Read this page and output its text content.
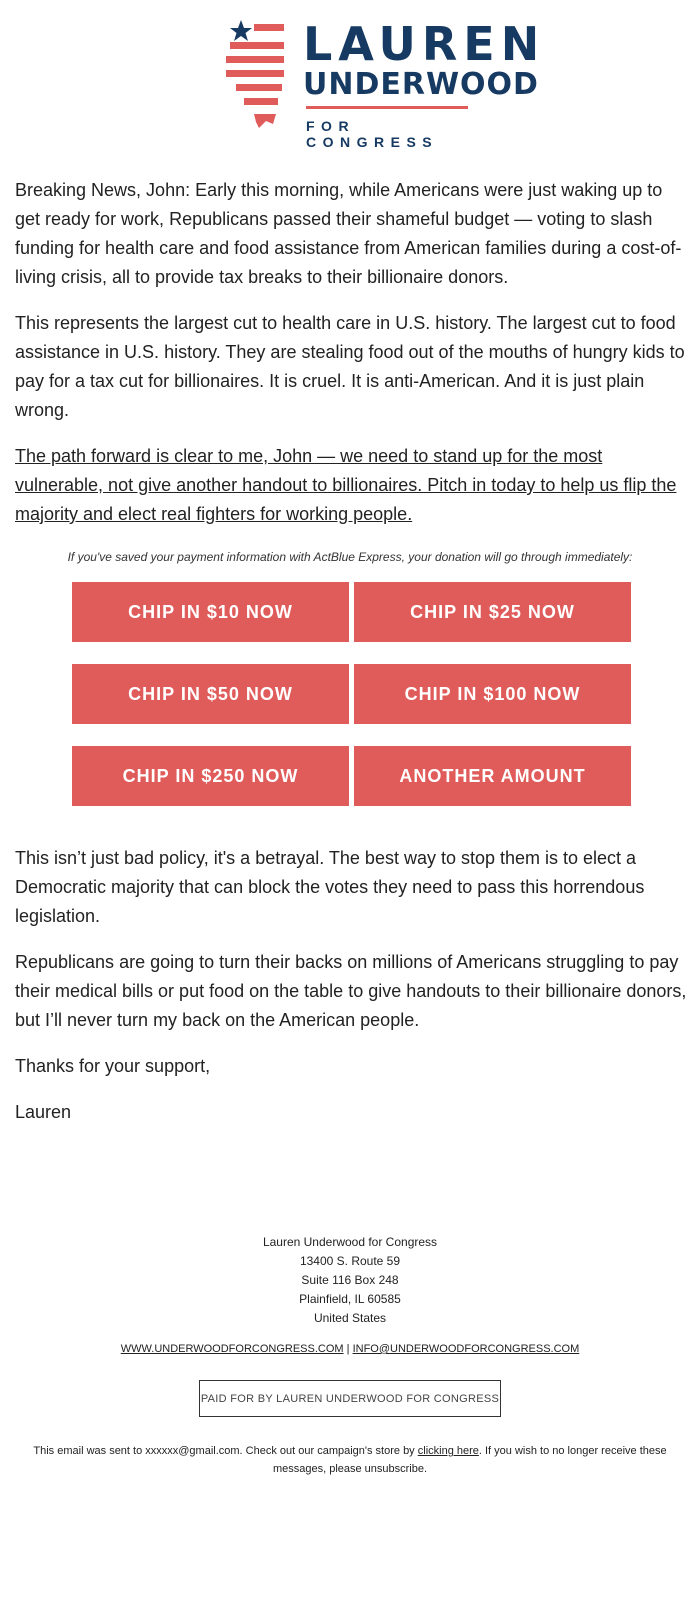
LAUREN
UNDERWOOD
FOR CONGRESS

Breaking News, John: Early this morning, while Americans were just waking up to get ready for work, Republicans passed their shameful budget — voting to slash funding for health care and food assistance from American families during a cost-of-living crisis, all to provide tax breaks to their billionaire donors.

This represents the largest cut to health care in U.S. history. The largest cut to food assistance in U.S. history. They are stealing food out of the mouths of hungry kids to pay for a tax cut for billionaires. It is cruel. It is anti-American. And it is just plain wrong.

The path forward is clear to me, John — we need to stand up for the most vulnerable, not give another handout to billionaires. Pitch in today to help us flip the majority and elect real fighters for working people.

If you've saved your payment information with ActBlue Express, your donation will go through immediately:
CHIP IN $10 NOW	CHIP IN $25 NOW
CHIP IN $50 NOW	CHIP IN $100 NOW
CHIP IN $250 NOW	ANOTHER AMOUNT

This isn’t just bad policy, it's a betrayal. The best way to stop them is to elect a Democratic majority that can block the votes they need to pass this horrendous legislation.

Republicans are going to turn their backs on millions of Americans struggling to pay their medical bills or put food on the table to give handouts to their billionaire donors, but I’ll never turn my back on the American people.

Thanks for your support,

Lauren

Lauren Underwood for Congress
13400 S. Route 59
Suite 116 Box 248
Plainfield, IL 60585
United States
WWW.UNDERWOODFORCONGRESS.COM | INFO@UNDERWOODFORCONGRESS.COM
PAID FOR BY LAUREN UNDERWOOD FOR CONGRESS
This email was sent to xxxxxx@gmail.com. Check out our campaign's store by clicking here. If you wish to no longer receive these messages, please unsubscribe.
